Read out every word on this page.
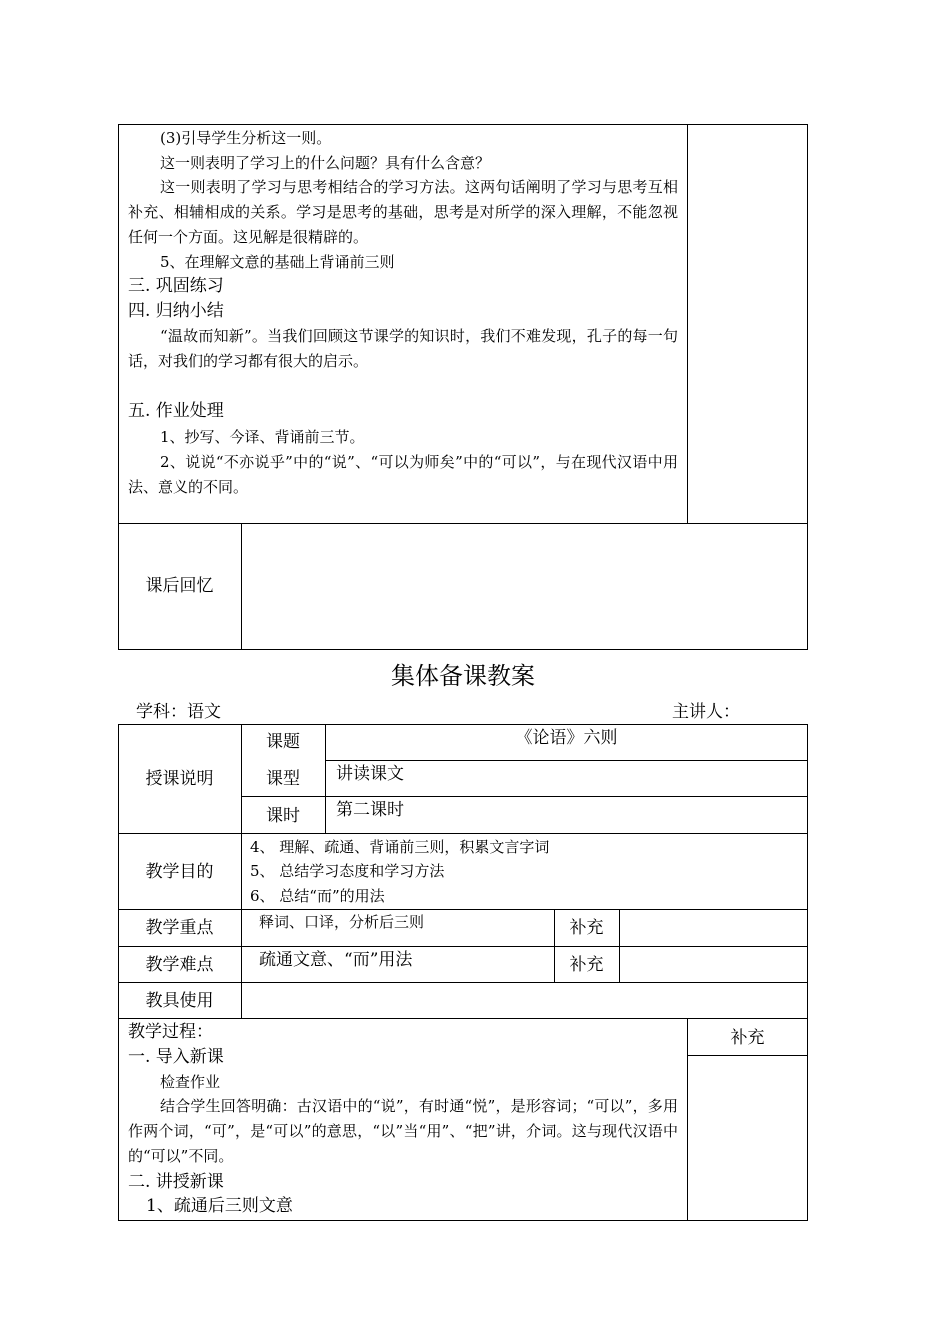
(3)引导学生分析这一则。
这一则表明了学习上的什么问题？具有什么含意？
这一则表明了学习与思考相结合的学习方法。这两句话阐明了学习与思考互相补充、相辅相成的关系。学习是思考的基础，思考是对所学的深入理解，不能忽视任何一个方面。这见解是很精辟的。
5、在理解文意的基础上背诵前三则
三. 巩固练习
四. 归纳小结
“温故而知新”。当我们回顾这节课学的知识时，我们不难发现，孔子的每一句话，对我们的学习都有很大的启示。
五. 作业处理
1、抄写、今译、背诵前三节。
2、说说“不亦说乎”中的“说”、“可以为师矣”中的“可以”，与在现代汉语中用法、意义的不同。
课后回忆
集体备课教案
学科：语文	主讲人：
授课说明
课题	《论语》六则
课型	讲读课文
课时	第二课时
教学目的
4、 理解、疏通、背诵前三则，积累文言字词
5、 总结学习态度和学习方法
6、 总结“而”的用法
教学重点	释词、口译，分析后三则	补充
教学难点	疏通文意、“而”用法	补充
教具使用
教学过程：
一. 导入新课
检查作业
结合学生回答明确：古汉语中的“说”，有时通“悦”，是形容词；“可以”，多用作两个词，“可”，是“可以”的意思，“以”当“用”、“把”讲，介词。这与现代汉语中的“可以”不同。
二. 讲授新课
1、疏通后三则文意
补充
